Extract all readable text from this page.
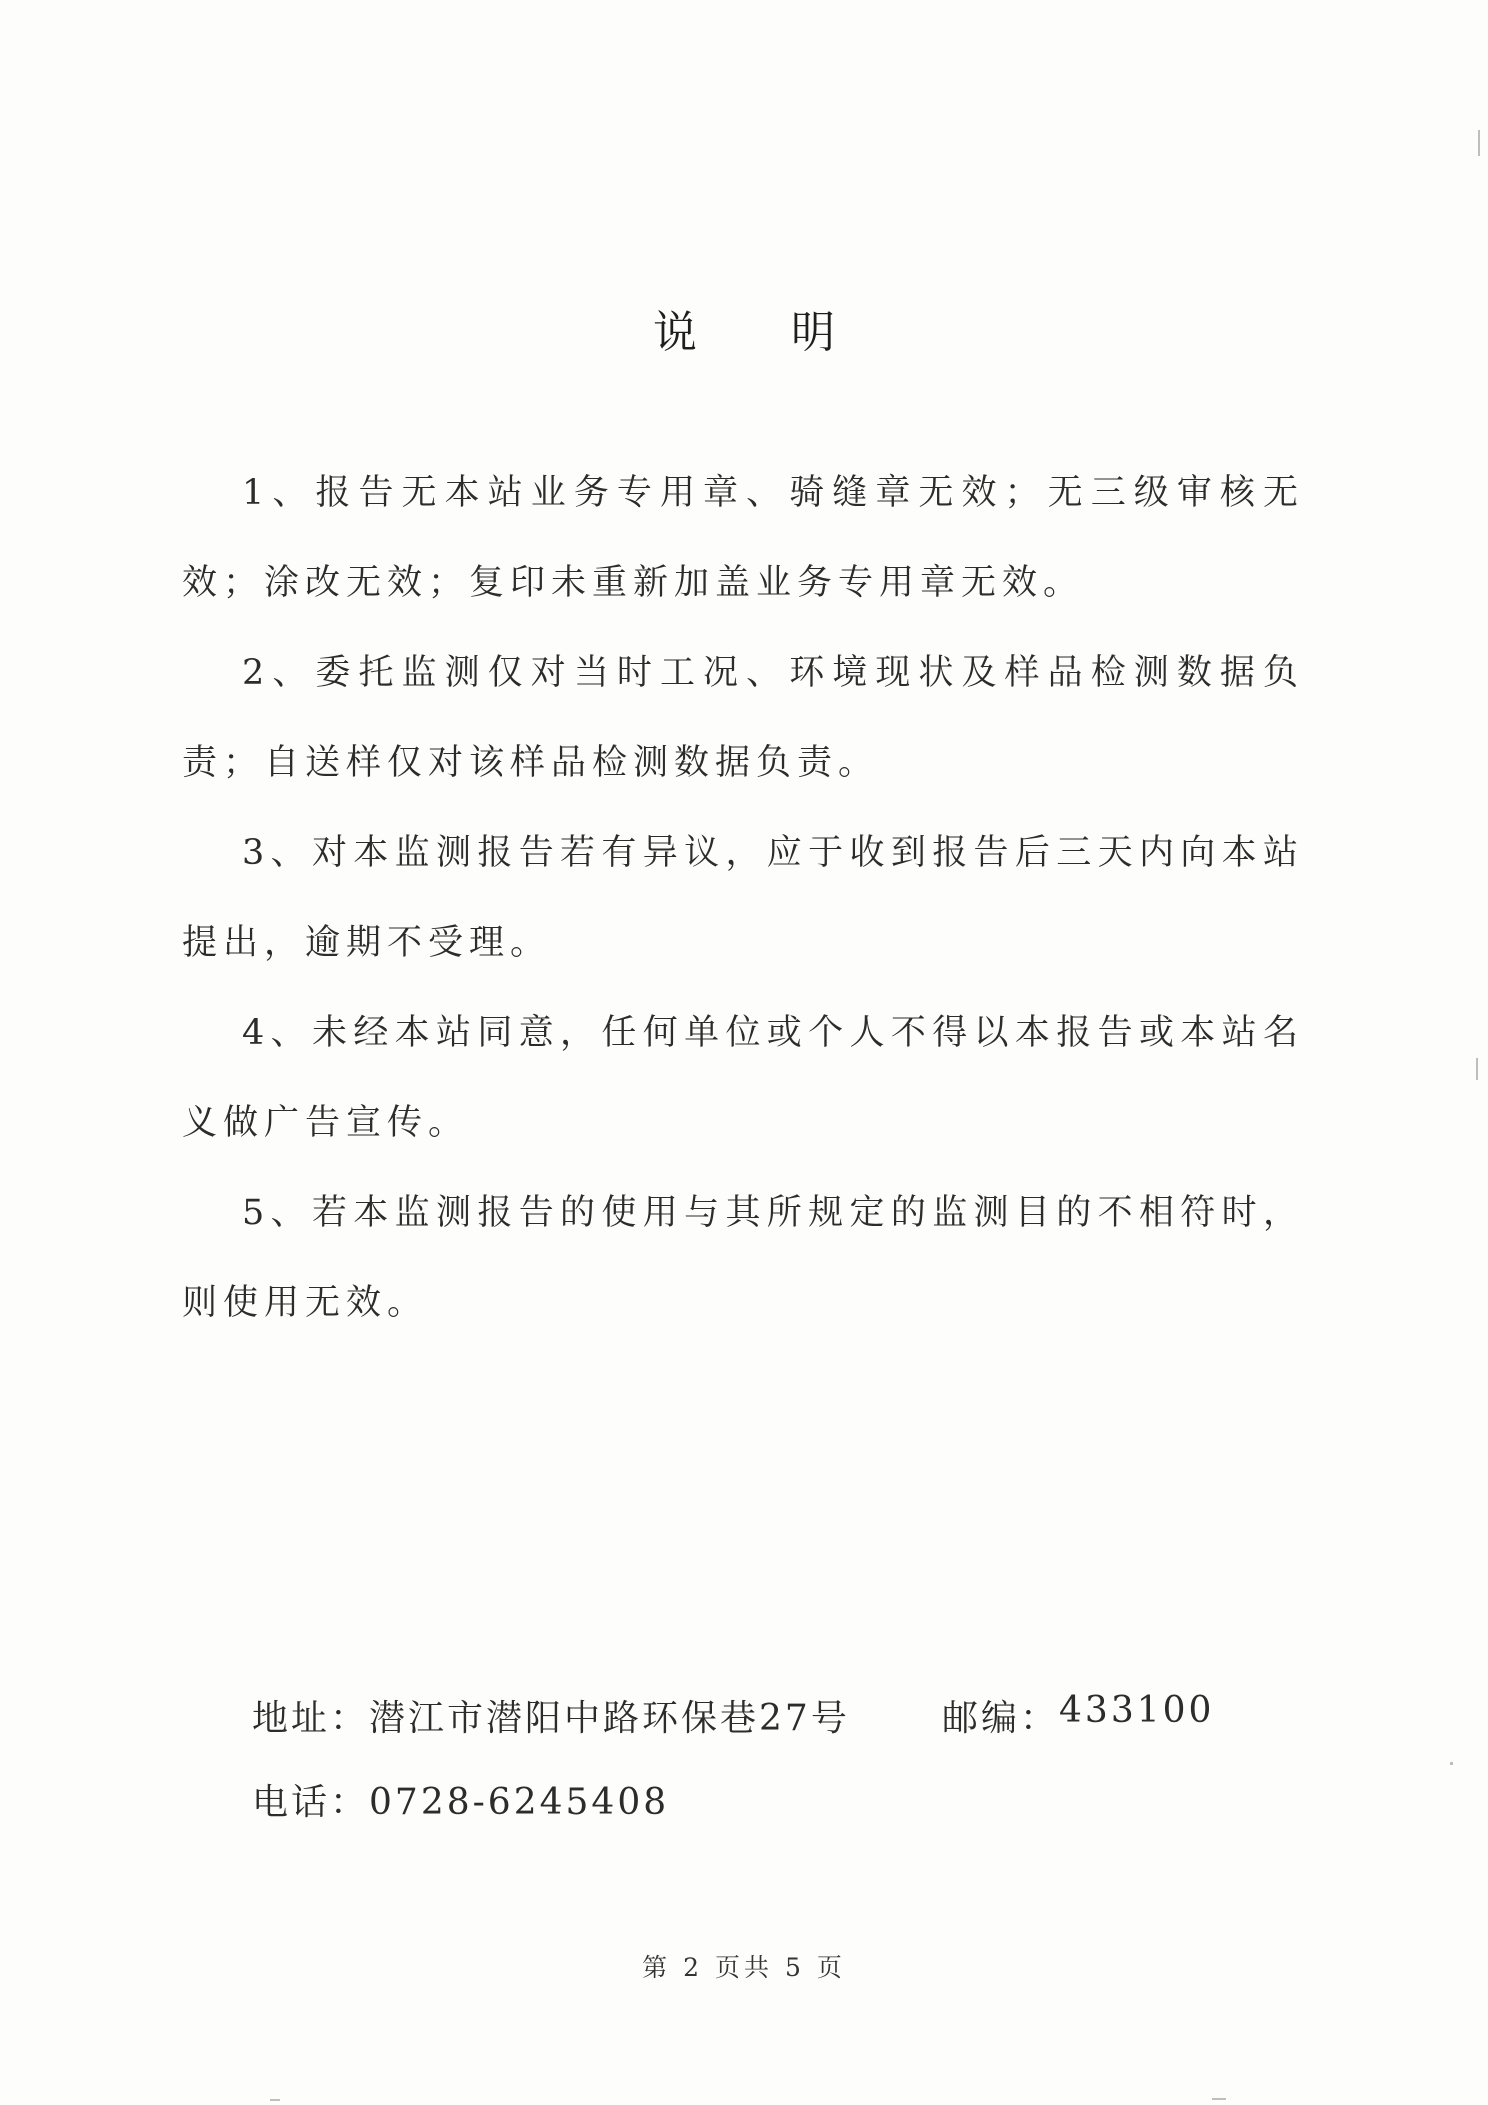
说 明

1、报告无本站业务专用章、骑缝章无效；无三级审核无效；涂改无效；复印未重新加盖业务专用章无效。

2、委托监测仅对当时工况、环境现状及样品检测数据负责；自送样仅对该样品检测数据负责。

3、对本监测报告若有异议，应于收到报告后三天内向本站提出，逾期不受理。

4、未经本站同意，任何单位或个人不得以本报告或本站名义做广告宣传。

5、若本监测报告的使用与其所规定的监测目的不相符时，则使用无效。

地址： 潜江市潜阳中路环保巷27号	邮编： 433100
电话： 0728-6245408
第 2 页共 5 页
